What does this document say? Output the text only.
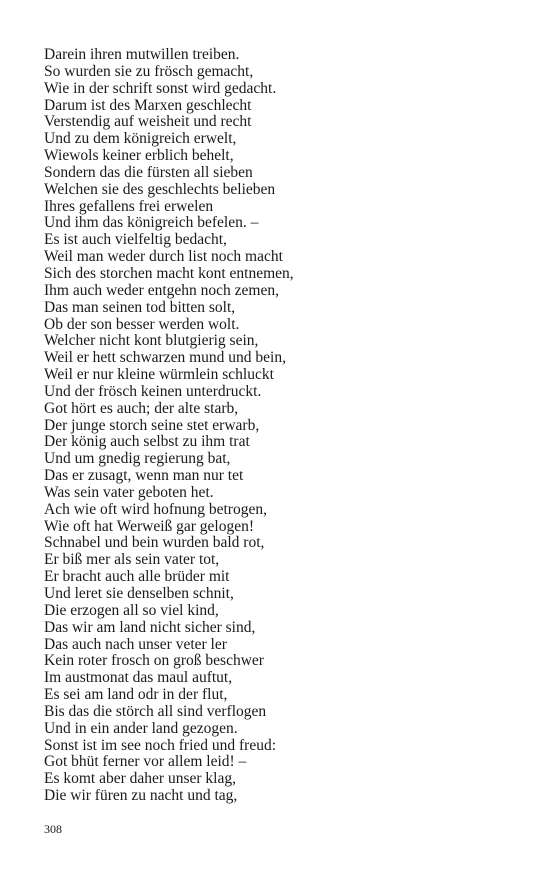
Darein ihren mutwillen treiben.
So wurden sie zu frösch gemacht,
Wie in der schrift sonst wird gedacht.
Darum ist des Marxen geschlecht
Verstendig auf weisheit und recht
Und zu dem königreich erwelt,
Wiewols keiner erblich behelt,
Sondern das die fürsten all sieben
Welchen sie des geschlechts belieben
Ihres gefallens frei erwelen
Und ihm das königreich befelen. –
Es ist auch vielfeltig bedacht,
Weil man weder durch list noch macht
Sich des storchen macht kont entnemen,
Ihm auch weder entgehn noch zemen,
Das man seinen tod bitten solt,
Ob der son besser werden wolt.
Welcher nicht kont blutgierig sein,
Weil er hett schwarzen mund und bein,
Weil er nur kleine würmlein schluckt
Und der frösch keinen unterdruckt.
Got hört es auch; der alte starb,
Der junge storch seine stet erwarb,
Der könig auch selbst zu ihm trat
Und um gnedig regierung bat,
Das er zusagt, wenn man nur tet
Was sein vater geboten het.
Ach wie oft wird hofnung betrogen,
Wie oft hat Werweiß gar gelogen!
Schnabel und bein wurden bald rot,
Er biß mer als sein vater tot,
Er bracht auch alle brüder mit
Und leret sie denselben schnit,
Die erzogen all so viel kind,
Das wir am land nicht sicher sind,
Das auch nach unser veter ler
Kein roter frosch on groß beschwer
Im austmonat das maul auftut,
Es sei am land odr in der flut,
Bis das die störch all sind verflogen
Und in ein ander land gezogen.
Sonst ist im see noch fried und freud:
Got bhüt ferner vor allem leid! –
Es komt aber daher unser klag,
Die wir füren zu nacht und tag,
308
